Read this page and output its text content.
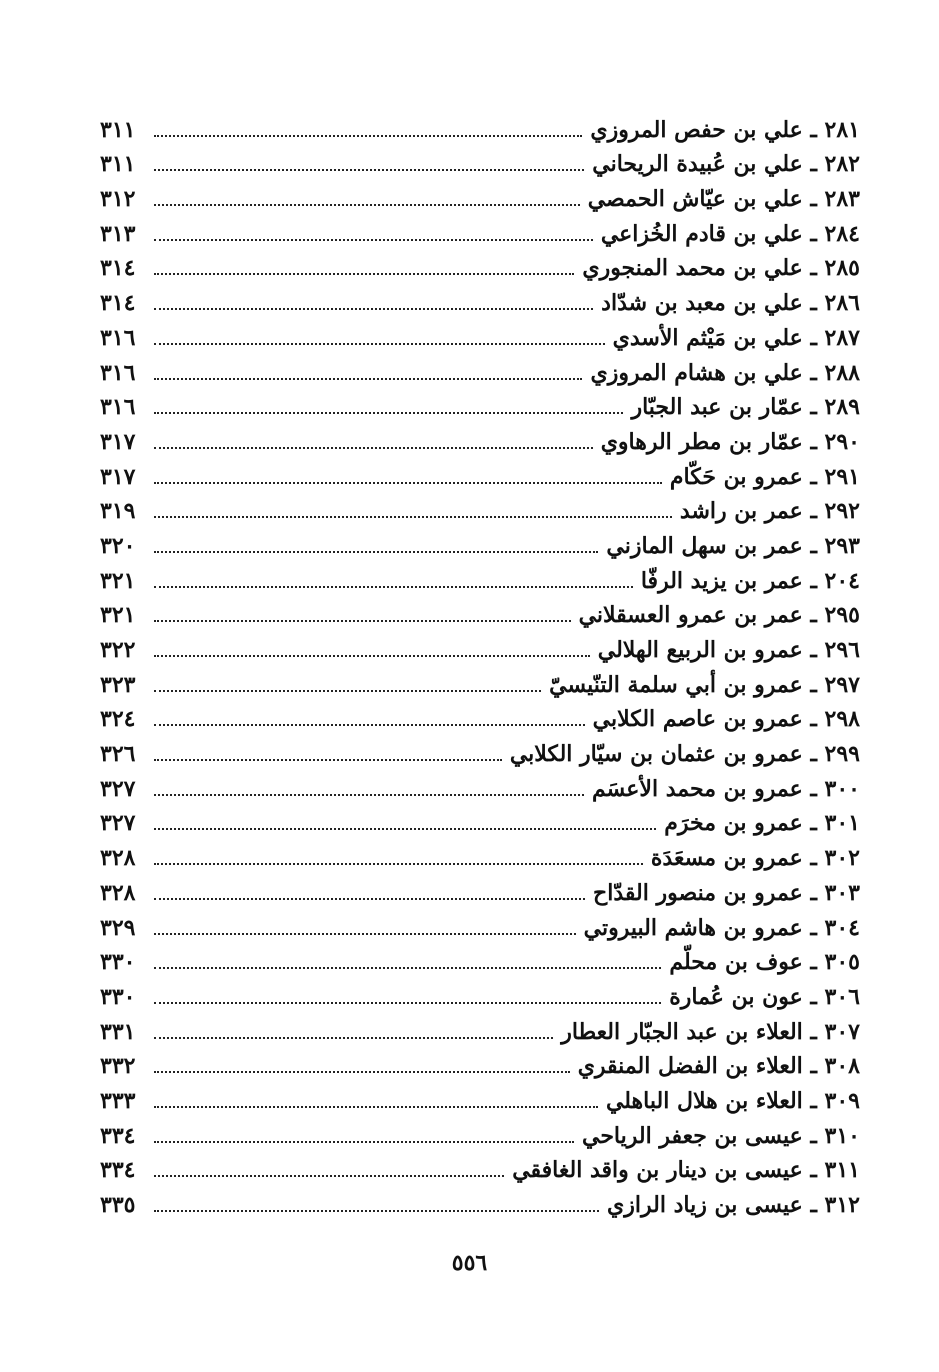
٢٨١ ـ علي بن حفص المروزي
٣١١
٢٨٢ ـ علي بن عُبيدة الريحاني
٣١١
٢٨٣ ـ علي بن عيّاش الحمصي
٣١٢
٢٨٤ ـ علي بن قادم الخُزاعي
٣١٣
٢٨٥ ـ علي بن محمد المنجوري
٣١٤
٢٨٦ ـ علي بن معبد بن شدّاد
٣١٤
٢٨٧ ـ علي بن مَيْثم الأسدي
٣١٦
٢٨٨ ـ علي بن هشام المروزي
٣١٦
٢٨٩ ـ عمّار بن عبد الجبّار
٣١٦
٢٩٠ ـ عمّار بن مطر الرهاوي
٣١٧
٢٩١ ـ عمرو بن حَكّام
٣١٧
٢٩٢ ـ عمر بن راشد
٣١٩
٢٩٣ ـ عمر بن سهل المازني
٣٢٠
٢٠٤ ـ عمر بن يزيد الرفّا
٣٢١
٢٩٥ ـ عمر بن عمرو العسقلاني
٣٢١
٢٩٦ ـ عمرو بن الربيع الهلالي
٣٢٢
٢٩٧ ـ عمرو بن أبي سلمة التنّيسيّ
٣٢٣
٢٩٨ ـ عمرو بن عاصم الكلابي
٣٢٤
٢٩٩ ـ عمرو بن عثمان بن سيّار الكلابي
٣٢٦
٣٠٠ ـ عمرو بن محمد الأعسَم
٣٢٧
٣٠١ ـ عمرو بن مخرَم
٣٢٧
٣٠٢ ـ عمرو بن مسعَدَة
٣٢٨
٣٠٣ ـ عمرو بن منصور القدّاح
٣٢٨
٣٠٤ ـ عمرو بن هاشم البيروتي
٣٢٩
٣٠٥ ـ عوف بن محلّم
٣٣٠
٣٠٦ ـ عون بن عُمارة
٣٣٠
٣٠٧ ـ العلاء بن عبد الجبّار العطار
٣٣١
٣٠٨ ـ العلاء بن الفضل المنقري
٣٣٢
٣٠٩ ـ العلاء بن هلال الباهلي
٣٣٣
٣١٠ ـ عيسى بن جعفر الرياحي
٣٣٤
٣١١ ـ عيسى بن دينار بن واقد الغافقي
٣٣٤
٣١٢ ـ عيسى بن زياد الرازي
٣٣٥
٥٥٦
